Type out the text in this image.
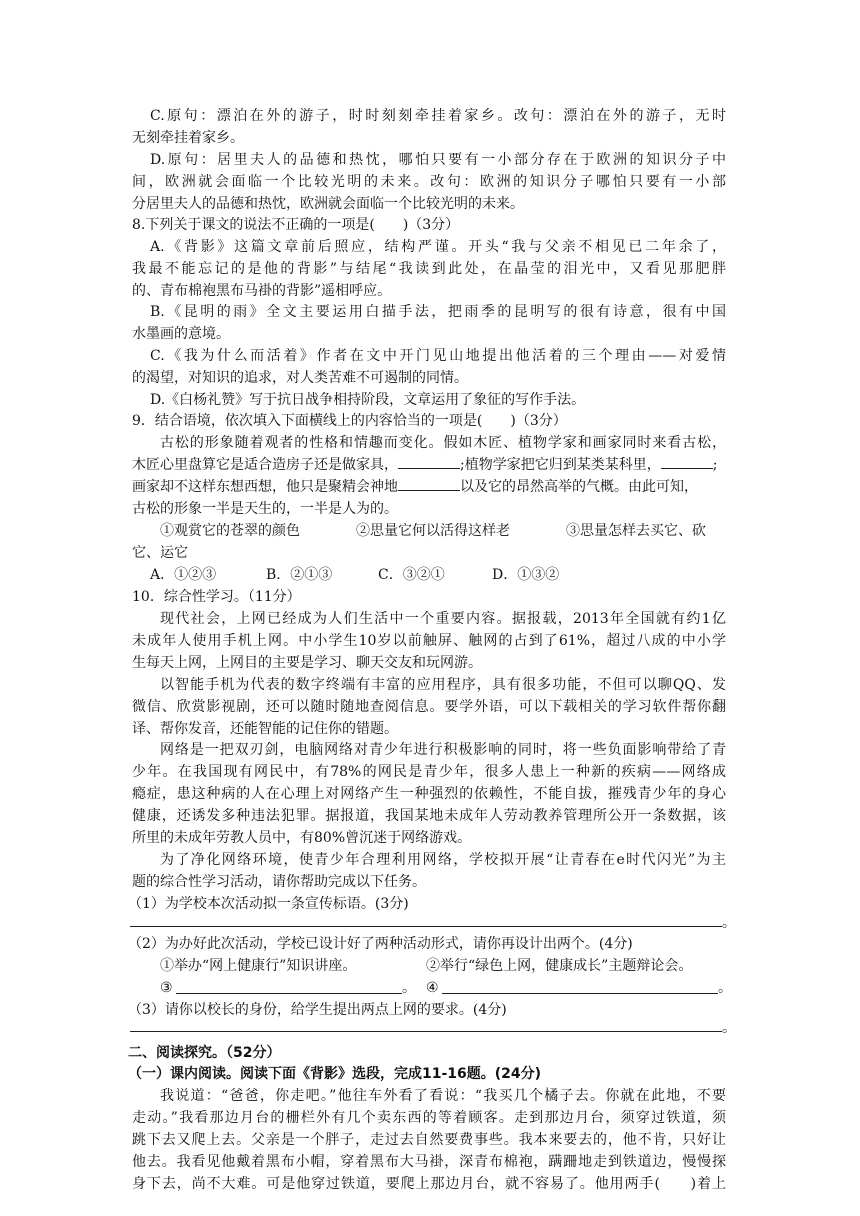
C.原句：漂泊在外的游子，时时刻刻牵挂着家乡。改句：漂泊在外的游子，无时
无刻牵挂着家乡。
D.原句：居里夫人的品德和热忱，哪怕只要有一小部分存在于欧洲的知识分子中
间，欧洲就会面临一个比较光明的未来。改句：欧洲的知识分子哪怕只要有一小部
分居里夫人的品德和热忱，欧洲就会面临一个比较光明的未来。
8.下列关于课文的说法不正确的一项是(　　)（3分）
A.《背影》这篇文章前后照应，结构严谨。开头“我与父亲不相见已二年余了，
我最不能忘记的是他的背影”与结尾“我读到此处，在晶莹的泪光中，又看见那肥胖
的、青布棉袍黑布马褂的背影”遥相呼应。
B.《昆明的雨》全文主要运用白描手法，把雨季的昆明写的很有诗意，很有中国
水墨画的意境。
C.《我为什么而活着》作者在文中开门见山地提出他活着的三个理由——对爱情
的渴望，对知识的追求，对人类苦难不可遏制的同情。
D.《白杨礼赞》写于抗日战争相持阶段，文章运用了象征的写作手法。
9．结合语境，依次填入下面横线上的内容恰当的一项是(　　)（3分）
古松的形象随着观者的性格和情趣而变化。假如木匠、植物学家和画家同时来看古松，
木匠心里盘算它是适合造房子还是做家具，	;植物学家把它归到某类某科里，	;
画家却不这样东想西想，他只是聚精会神地	以及它的昂然高举的气概。由此可知，
古松的形象一半是天生的，一半是人为的。
①观赏它的苍翠的颜色	②思量它何以活得这样老	③思量怎样去买它、砍
它、运它
A．①②③	B．②①③	C．③②①	D．①③②
10．综合性学习。（11分）
现代社会，上网已经成为人们生活中一个重要内容。据报载，2013年全国就有约1亿
未成年人使用手机上网。中小学生10岁以前触屏、触网的占到了61%，超过八成的中小学
生每天上网，上网目的主要是学习、聊天交友和玩网游。
以智能手机为代表的数字终端有丰富的应用程序，具有很多功能，不但可以聊QQ、发
微信、欣赏影视剧，还可以随时随地查阅信息。要学外语，可以下载相关的学习软件帮你翻
译、帮你发音，还能智能的记住你的错题。
网络是一把双刃剑，电脑网络对青少年进行积极影响的同时，将一些负面影响带给了青
少年。在我国现有网民中，有78%的网民是青少年，很多人患上一种新的疾病——网络成
瘾症，患这种病的人在心理上对网络产生一种强烈的依赖性，不能自拔，摧残青少年的身心
健康，还诱发多种违法犯罪。据报道，我国某地未成年人劳动教养管理所公开一条数据，该
所里的未成年劳教人员中，有80%曾沉迷于网络游戏。
为了净化网络环境，使青少年合理利用网络，学校拟开展“让青春在e时代闪光”为主
题的综合性学习活动，请你帮助完成以下任务。
（1）为学校本次活动拟一条宣传标语。(3分)
。
（2）为办好此次活动，学校已设计好了两种活动形式，请你再设计出两个。(4分)
①举办“网上健康行”知识讲座。	②举行“绿色上网，健康成长”主题辩论会。
③	。 ④	。
（3）请你以校长的身份，给学生提出两点上网的要求。(4分)
。
二、阅读探究。（52分）
（一）课内阅读。阅读下面《背影》选段，完成11-16题。(24分)
我说道：“爸爸，你走吧。”他往车外看了看说：“我买几个橘子去。你就在此地，不要
走动。”我看那边月台的栅栏外有几个卖东西的等着顾客。走到那边月台，须穿过铁道，须
跳下去又爬上去。父亲是一个胖子，走过去自然要费事些。我本来要去的，他不肯，只好让
他去。我看见他戴着黑布小帽，穿着黑布大马褂，深青布棉袍，蹒跚地走到铁道边，慢慢探
身下去，尚不大难。可是他穿过铁道，要爬上那边月台，就不容易了。他用两手(　　)着上
